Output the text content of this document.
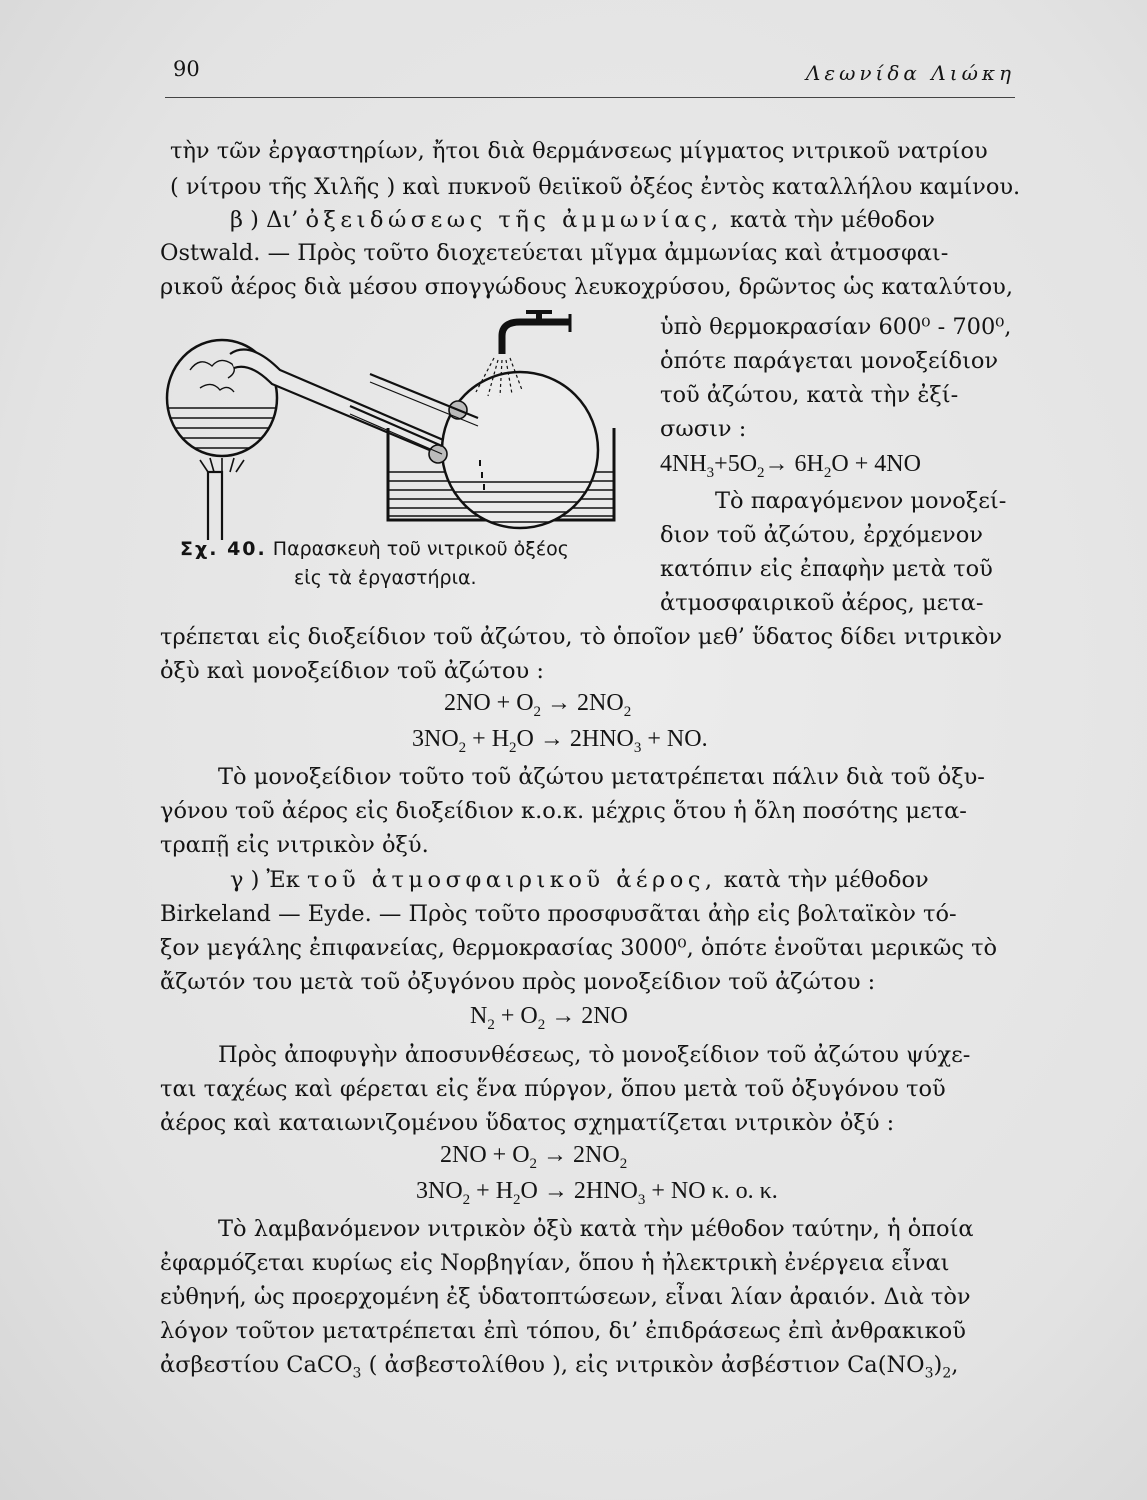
90	Λεωνίδα Λιώκη
τὴν τῶν ἐργαστηρίων, ἤτοι διὰ θερμάνσεως μίγματος νιτρικοῦ νατρίου
( νίτρου τῆς Χιλῆς ) καὶ πυκνοῦ θειϊκοῦ ὀξέος ἐντὸς καταλλήλου καμίνου.
β ) Δι’ ὀξειδώσεως τῆς ἀμμωνίας, κατὰ τὴν μέθοδον
Ostwald. — Πρὸς τοῦτο διοχετεύεται μῖγμα ἀμμωνίας καὶ ἀτμοσφαι-
ρικοῦ ἀέρος διὰ μέσου σπογγώδους λευκοχρύσου, δρῶντος ὡς καταλύτου,
ὑπὸ θερμοκρασίαν 600⁰ - 700⁰,
ὁπότε παράγεται μονοξείδιον
τοῦ ἀζώτου, κατὰ τὴν ἐξί-
σωσιν :
$4NH_3+5O_2\to 6H_2O + 4NO$
Τὸ παραγόμενον μονοξεί-
διον τοῦ ἀζώτου, ἐρχόμενον
κατόπιν εἰς ἐπαφὴν μετὰ τοῦ
ἀτμοσφαιρικοῦ ἀέρος, μετα-
Σχ. 40. Παρασκευὴ τοῦ νιτρικοῦ ὀξέος
εἰς τὰ ἐργαστήρια.
τρέπεται εἰς διοξείδιον τοῦ ἀζώτου, τὸ ὁποῖον μεθ’ ὕδατος δίδει νιτρικὸν
ὀξὺ καὶ μονοξείδιον τοῦ ἀζώτου :
$2NO + O_2 \to 2NO_2$
$3NO_2 + H_2O \to 2HNO_3$ + NO.
Τὸ μονοξείδιον τοῦτο τοῦ ἀζώτου μετατρέπεται πάλιν διὰ τοῦ ὀξυ-
γόνου τοῦ ἀέρος εἰς διοξείδιον κ.ο.κ. μέχρις ὅτου ἡ ὅλη ποσότης μετα-
τραπῇ εἰς νιτρικὸν ὀξύ.
γ ) Ἐκ τοῦ ἀτμοσφαιρικοῦ ἀέρος, κατὰ τὴν μέθοδον
Birkeland — Eyde. — Πρὸς τοῦτο προσφυσᾶται ἀὴρ εἰς βολταϊκὸν τό-
ξον μεγάλης ἐπιφανείας, θερμοκρασίας 3000⁰, ὁπότε ἑνοῦται μερικῶς τὸ
ἄζωτόν του μετὰ τοῦ ὀξυγόνου πρὸς μονοξείδιον τοῦ ἀζώτου :
$N_2 + O_2 \to 2NO$
Πρὸς ἀποφυγὴν ἀποσυνθέσεως, τὸ μονοξείδιον τοῦ ἀζώτου ψύχε-
ται ταχέως καὶ φέρεται εἰς ἕνα πύργον, ὅπου μετὰ τοῦ ὀξυγόνου τοῦ
ἀέρος καὶ καταιωνιζομένου ὕδατος σχηματίζεται νιτρικὸν ὀξύ :
$2NO + O_2 \to 2NO_2$
$3NO_2 + H_2O \to 2HNO_3$ + NO κ. ο. κ.
Τὸ λαμβανόμενον νιτρικὸν ὀξὺ κατὰ τὴν μέθοδον ταύτην, ἡ ὁποία
ἐφαρμόζεται κυρίως εἰς Νορβηγίαν, ὅπου ἡ ἠλεκτρικὴ ἐνέργεια εἶναι
εὐθηνή, ὡς προερχομένη ἐξ ὑδατοπτώσεων, εἶναι λίαν ἀραιόν. Διὰ τὸν
λόγον τοῦτον μετατρέπεται ἐπὶ τόπου, δι’ ἐπιδράσεως ἐπὶ ἀνθρακικοῦ
ἀσβεστίου CaCO$_3$ ( ἀσβεστολίθου ), εἰς νιτρικὸν ἀσβέστιον $Ca(NO_3)_2$,
